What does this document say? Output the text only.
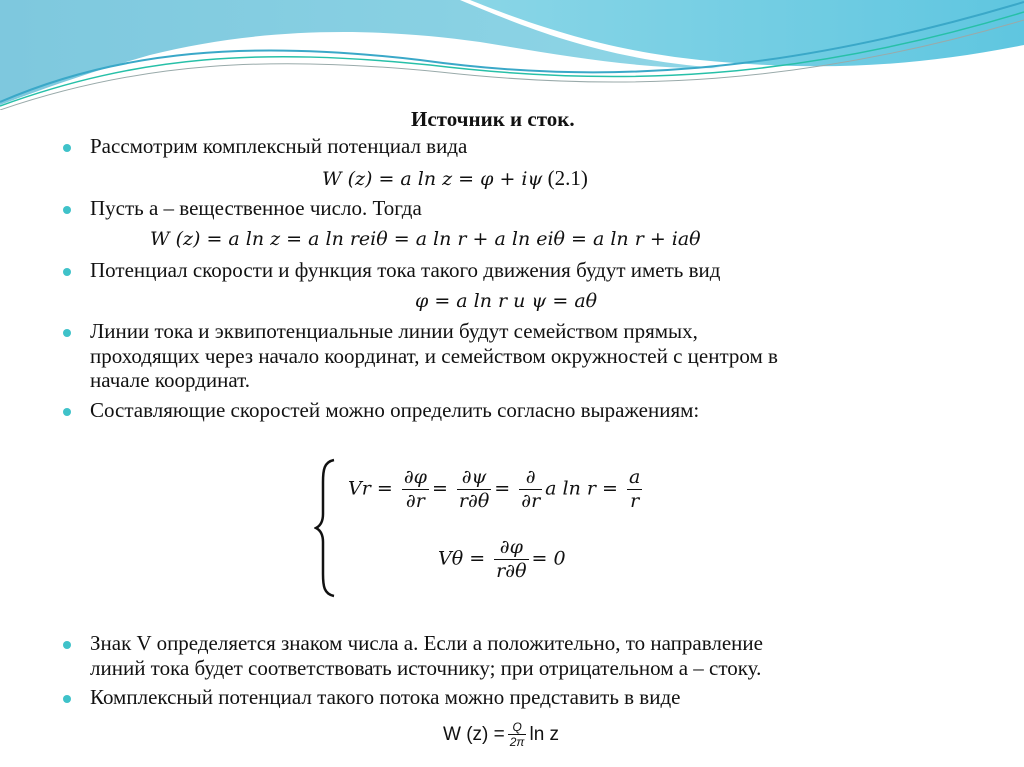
Источник и сток.
Рассмотрим комплексный потенциал вида
W (z) = a ln z = φ + iψ (2.1)
Пусть а – вещественное число. Тогда
W (z) = a ln z = a ln reiθ = a ln r + a ln eiθ = a ln r + iaθ
Потенциал скорости и функция тока такого движения будут иметь вид
φ = a ln r и ψ = aθ
Линии тока и эквипотенциальные линии будут семейством прямых,
проходящих через начало координат, и семейством окружностей с центром в
начале координат.
Составляющие скоростей можно определить согласно выражениям:
$Vr = \frac{\partial\varphi}{\partial r} = \frac{\partial\psi}{r\partial\theta} = \frac{\partial}{\partial r}$ a $\ln r = \frac{a}{r}$
$V\theta = \frac{\partial\varphi}{r\partial\theta} = 0$
Знак V определяется знаком числа а. Если а положительно, то направление
линий тока будет соответствовать источнику; при отрицательном а – стоку.
Комплексный потенциал такого потока можно представить в виде
W $(z) = \frac{Q}{2\pi}$ ln z
